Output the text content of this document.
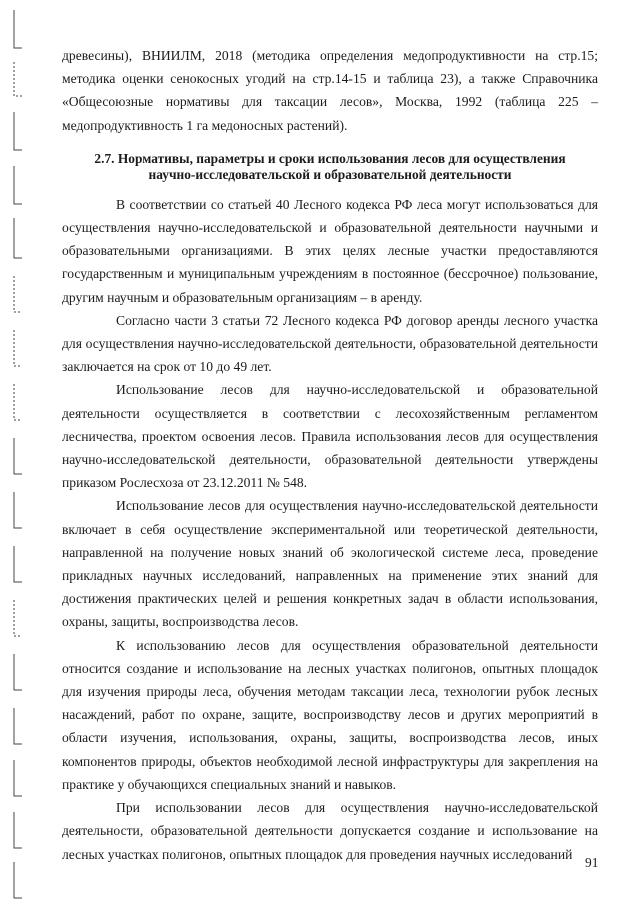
древесины), ВНИИЛМ, 2018 (методика определения медопродуктивности на стр.15; методика оценки сенокосных угодий на стр.14-15 и таблица 23), а также Справочника «Общесоюзные нормативы для таксации лесов», Москва, 1992 (таблица 225 – медопродуктивность 1 га медоносных растений).

2.7. Нормативы, параметры и сроки использования лесов для осуществления
научно-исследовательской и образовательной деятельности

В соответствии со статьей 40 Лесного кодекса РФ леса могут использоваться для осуществления научно-исследовательской и образовательной деятельности научными и образовательными организациями. В этих целях лесные участки предоставляются государственным и муниципальным учреждениям в постоянное (бессрочное) пользование, другим научным и образовательным организациям – в аренду.

Согласно части 3 статьи 72 Лесного кодекса РФ договор аренды лесного участка для осуществления научно-исследовательской деятельности, образовательной деятельности заключается на срок от 10 до 49 лет.

Использование лесов для научно-исследовательской и образовательной деятельности осуществляется в соответствии с лесохозяйственным регламентом лесничества, проектом освоения лесов. Правила использования лесов для осуществления научно-исследовательской деятельности, образовательной деятельности утверждены приказом Рослесхоза от 23.12.2011 № 548.

Использование лесов для осуществления научно-исследовательской деятельности включает в себя осуществление экспериментальной или теоретической деятельности, направленной на получение новых знаний об экологической системе леса, проведение прикладных научных исследований, направленных на применение этих знаний для достижения практических целей и решения конкретных задач в области использования, охраны, защиты, воспроизводства лесов.

К использованию лесов для осуществления образовательной деятельности относится создание и использование на лесных участках полигонов, опытных площадок для изучения природы леса, обучения методам таксации леса, технологии рубок лесных насаждений, работ по охране, защите, воспроизводству лесов и других мероприятий в области изучения, использования, охраны, защиты, воспроизводства лесов, иных компонентов природы, объектов необходимой лесной инфраструктуры для закрепления на практике у обучающихся специальных знаний и навыков.

При использовании лесов для осуществления научно-исследовательской деятельности, образовательной деятельности допускается создание и использование на лесных участках полигонов, опытных площадок для проведения научных исследований

91
